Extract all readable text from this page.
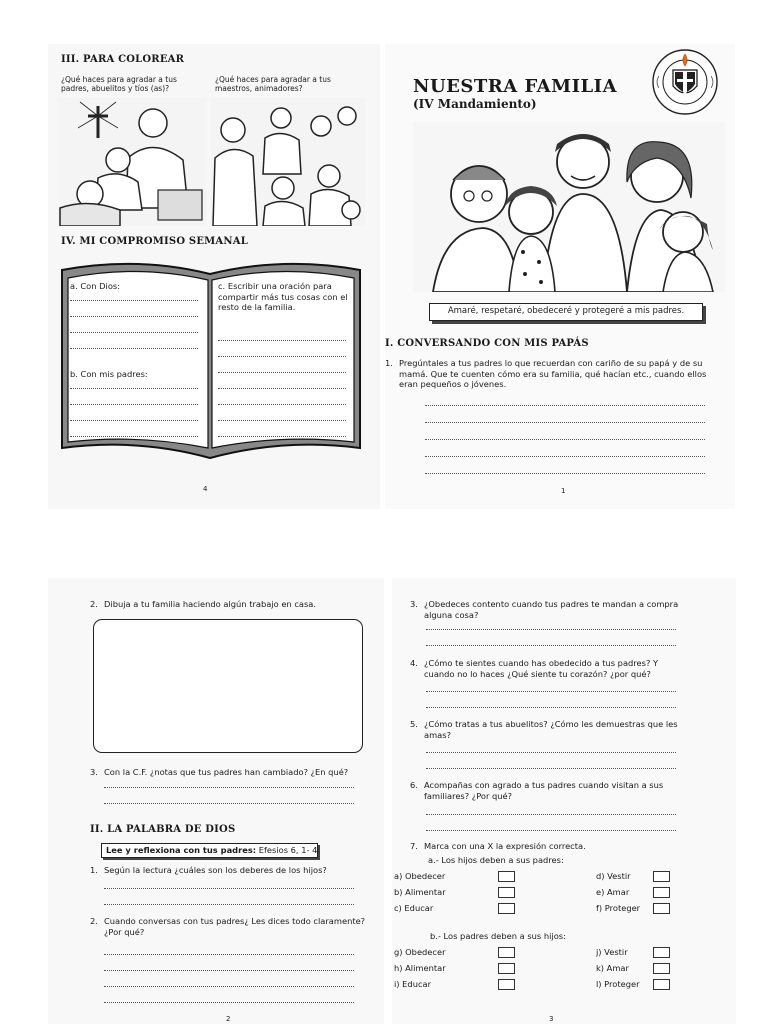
III. PARA COLOREAR
¿Qué haces para agradar a tus padres, abuelitos y tíos (as)?
¿Qué haces para agradar a tus maestros, animadores?
IV. MI COMPROMISO SEMANAL
a. Con Dios:
b. Con mis padres:
c. Escribir una oración para compartir más tus cosas con el resto de la familia.
4
NUESTRA FAMILIA
(IV Mandamiento)
Amaré, respetaré, obedeceré y protegeré a mis padres.
I. CONVERSANDO CON MIS PAPÁS
1. Pregúntales a tus padres lo que recuerdan con cariño de su papá y de su mamá. Que te cuenten cómo era su familia, qué hacían etc., cuando ellos eran pequeños o jóvenes.
1
2. Dibuja a tu familia haciendo algún trabajo en casa.
3. Con la C.F. ¿notas que tus padres han cambiado? ¿En qué?
II. LA PALABRA DE DIOS
Lee y reflexiona con tus padres: Efesios 6, 1- 4.
1. Según la lectura ¿cuáles son los deberes de los hijos?
2. Cuando conversas con tus padres¿ Les dices todo claramente? ¿Por qué?
2
3. ¿Obedeces contento cuando tus padres te mandan a compra alguna cosa?
4. ¿Cómo te sientes cuando has obedecido a tus padres? Y cuando no lo haces ¿Qué siente tu corazón? ¿por qué?
5. ¿Cómo tratas a tus abuelitos? ¿Cómo les demuestras que les amas?
6. Acompañas con agrado a tus padres cuando visitan a sus familiares? ¿Por qué?
7. Marca con una X la expresión correcta.
a.- Los hijos deben a sus padres:
a) Obedecer
b) Alimentar
c) Educar
d) Vestir
e) Amar
f) Proteger
b.- Los padres deben a sus hijos:
g) Obedecer
h) Alimentar
i) Educar
j) Vestir
k) Amar
l) Proteger
3
